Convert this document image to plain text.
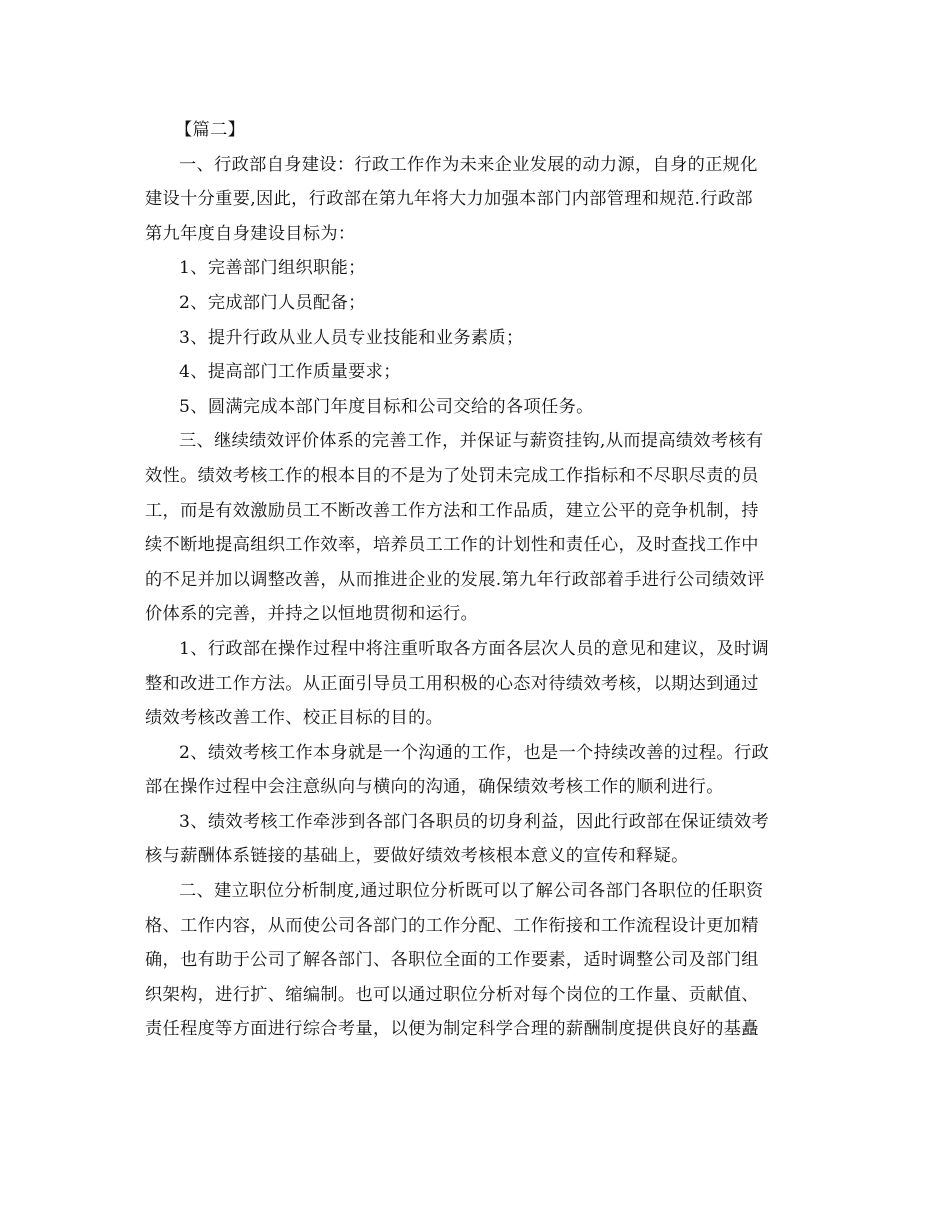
【篇二】
一、行政部自身建设：行政工作作为未来企业发展的动力源，自身的正规化
建设十分重要,因此，行政部在第九年将大力加强本部门内部管理和规范.行政部
第九年度自身建设目标为：
1、完善部门组织职能；
2、完成部门人员配备；
3、提升行政从业人员专业技能和业务素质；
4、提高部门工作质量要求；
5、圆满完成本部门年度目标和公司交给的各项任务。
三、继续绩效评价体系的完善工作，并保证与薪资挂钩,从而提高绩效考核有
效性。绩效考核工作的根本目的不是为了处罚未完成工作指标和不尽职尽责的员
工，而是有效激励员工不断改善工作方法和工作品质，建立公平的竞争机制，持
续不断地提高组织工作效率，培养员工工作的计划性和责任心，及时查找工作中
的不足并加以调整改善，从而推进企业的发展.第九年行政部着手进行公司绩效评
价体系的完善，并持之以恒地贯彻和运行。
1、行政部在操作过程中将注重听取各方面各层次人员的意见和建议，及时调
整和改进工作方法。从正面引导员工用积极的心态对待绩效考核，以期达到通过
绩效考核改善工作、校正目标的目的。
2、绩效考核工作本身就是一个沟通的工作，也是一个持续改善的过程。行政
部在操作过程中会注意纵向与横向的沟通，确保绩效考核工作的顺利进行。
3、绩效考核工作牵涉到各部门各职员的切身利益，因此行政部在保证绩效考
核与薪酬体系链接的基础上，要做好绩效考核根本意义的宣传和释疑。
二、建立职位分析制度,通过职位分析既可以了解公司各部门各职位的任职资
格、工作内容，从而使公司各部门的工作分配、工作衔接和工作流程设计更加精
确，也有助于公司了解各部门、各职位全面的工作要素，适时调整公司及部门组
织架构，进行扩、缩编制。也可以通过职位分析对每个岗位的工作量、贡献值、
责任程度等方面进行综合考量，以便为制定科学合理的薪酬制度提供良好的基矗
